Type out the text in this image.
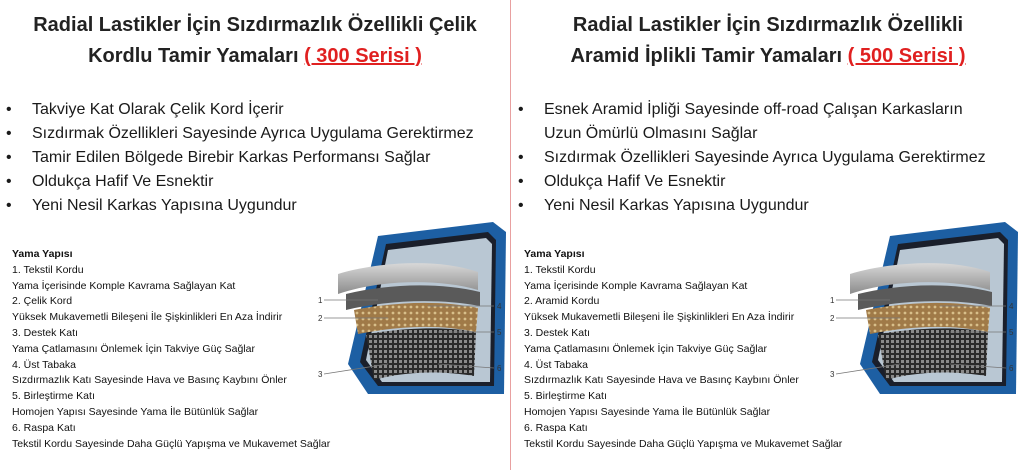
Radial Lastikler İçin Sızdırmazlık Özellikli Çelik
Kordlu Tamir Yamaları ( 300 Serisi )
• Takviye Kat Olarak Çelik Kord İçerir
• Sızdırmak Özellikleri Sayesinde Ayrıca Uygulama Gerektirmez
• Tamir Edilen Bölgede Birebir Karkas Performansı Sağlar
• Oldukça Hafif Ve Esnektir
• Yeni Nesil Karkas Yapısına Uygundur
Yama Yapısı
1. Tekstil Kordu
Yama İçerisinde Komple Kavrama Sağlayan Kat
2. Çelik Kord
Yüksek Mukavemetli Bileşeni İle Şişkinlikleri En Aza İndirir
3. Destek Katı
Yama Çatlamasını Önlemek İçin Takviye Güç Sağlar
4. Üst Tabaka
Sızdırmazlık Katı Sayesinde Hava ve Basınç Kaybını Önler
5. Birleştirme Katı
Homojen Yapısı Sayesinde Yama İle Bütünlük Sağlar
6. Raspa Katı
Tekstil Kordu Sayesinde Daha Güçlü Yapışma ve Mukavemet Sağlar
1
2
3
4
5
6
Radial Lastikler İçin Sızdırmazlık Özellikli
Aramid İplikli Tamir Yamaları ( 500 Serisi )
• Esnek Aramid İpliği Sayesinde off-road Çalışan Karkasların
Uzun Ömürlü Olmasını Sağlar
• Sızdırmak Özellikleri Sayesinde Ayrıca Uygulama Gerektirmez
• Oldukça Hafif Ve Esnektir
• Yeni Nesil Karkas Yapısına Uygundur
Yama Yapısı
1. Tekstil Kordu
Yama İçerisinde Komple Kavrama Sağlayan Kat
2. Aramid Kordu
Yüksek Mukavemetli Bileşeni İle Şişkinlikleri En Aza İndirir
3. Destek Katı
Yama Çatlamasını Önlemek İçin Takviye Güç Sağlar
4. Üst Tabaka
Sızdırmazlık Katı Sayesinde Hava ve Basınç Kaybını Önler
5. Birleştirme Katı
Homojen Yapısı Sayesinde Yama İle Bütünlük Sağlar
6. Raspa Katı
Tekstil Kordu Sayesinde Daha Güçlü Yapışma ve Mukavemet Sağlar
1
2
3
4
5
6
